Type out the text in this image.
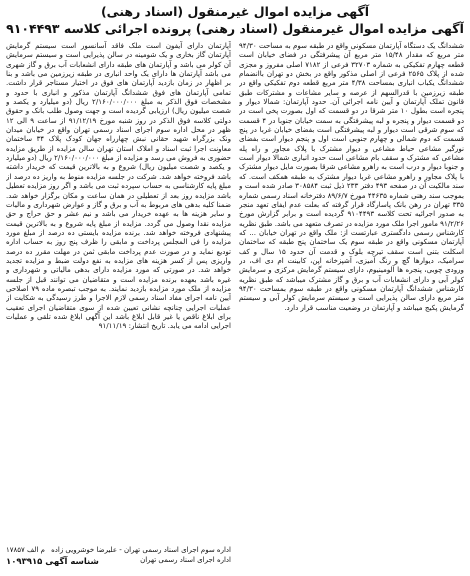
آگهی مزایده اموال غیرمنقول (اسناد رهنی)
آگهی مزایده اموال غیرمنقول (اسناد رهنی) پرونده اجرائی کلاسه ۹۱۰۴۴۹۳
ششدانگ یک دستگاه آپارتمان مسکونی واقع در طبقه سوم به مساحت ۹۴/۳۰ متر مربع که مقدار ۱۵/۴۸ متر مربع آن پیشرفتگی در فضای خیابان است قطعه چهارم تفکیکی به شماره ۳۲۷۰۳ فرعی از ۷۱۸۲ اصلی مفروز و مجزی شده از پلاک ۲۵۶۵ فرعی از اصلی مذکور واقع در بخش دو تهران باانضمام ششدانگ یکباب انباری بمساحت ۴/۳۸ متر مربع قطعه دوم تفکیکی واقع در طبقه زیرزمین با قدرالسهم از عرصه و سایر مشاعات و مشترکات طبق قانون تملک آپارتمان و آیین نامه اجرائی آن. حدود آپارتمان: شمالا دیوار و پنجره است بطول ۱۰ متر شرقا در دو قسمت که اول بصورت پخی است در دو قسمت دیوار و پنجره و لبه پیشرفتگی به سمت خیابان جنوبا در ۴ قسمت که سوم شرقی است دیوار و لبه پیشرفتگی است بفضای خیابان غربا در پنج قسمت که دوم شمالی و چهارم جنوبی است اول و پنجم دیوار است بفضای نورگیر مشاعی حیاط مشاعی و دیوار مشترک با پلاک مجاور و راه پله مشاعی که مشترک و سقف بام مشاعی است حدود انباری شمالا دیوار است و جنوبا دیوار و درب است به راهرو مشاعی شرقا بصورت مایل دیوار مشترک با پلاک مجاور و راهرو مشاعی غربا دیوار مشترک به طبقه همکف است. که سند مالکیت آن در صفحه ۴۹۳ دفتر ۲۳۳ ذیل ثبت ۳۰۸۵۸۴ صادر شده است و بموجب سند رهنی شماره ۴۴۶۳۵ مورخ ۸۹/۶/۷ دفترخانه اسناد رسمی شماره ۳۳۵ تهران در رهن بانک پاسارگاد قرار گرفته که بعلت عدم ایفای تعهد منجر به صدور اجرائیه تحت کلاسه ۹۱۰۴۴۹۳ گردیده است و برابر گزارش مورخ ۹۱/۲/۲۶ مامور اجرا ملک مورد مزایده در تصرف متعهد می باشد. طبق نظریه کارشناس رسمی دادگستری عبارتست از: ملک واقع در تهران خیابان ... که آپارتمان مسکونی واقع در طبقه سوم یک ساختمان پنج طبقه که ساختمان اسکلت بتنی است سقف تیرچه بلوک و قدمت آن حدود ۱۵ سال و کف سرامیک، دیوارها گچ و رنگ آمیزی، آشپزخانه اپن، کابینت ام دی اف، در ورودی چوبی، پنجره ها آلومینیوم، دارای سیستم گرمایش مرکزی و سرمایش کولر آبی و دارای انشعابات آب و برق و گاز مشترک میباشد که طبق نظریه کارشناس ششدانگ آپارتمان مسکونی واقع در طبقه سوم بمساحت ۹۴/۳۰ متر مربع دارای سالن پذیرایی است و سیستم سرمایش کولر آبی و سیستم گرمایش پکیج میباشد و آپارتمان در وضعیت مناسب قرار دارد.
آپارتمان دارای آیفون است ملک فاقد آسانسور است سیستم گرمایش آپارتمان گاز بخاری و یک شومینه در سالن پذیرایی است و سیستم سرمایش آن کولر می باشد و آپارتمان های طبقه دارای انشعابات آب برق و گاز شهری می باشد آپارتمان ها دارای یک واحد انباری در طبقه زیرزمین می باشد و بنا بر اظهار در زمان بازدید آپارتمان های فوق در اختیار مستاجر قرار داشت. تمامی آپارتمان های فوق ششدانگ آپارتمان مذکور و انباری با حدود و مشخصات فوق الذکر به مبلغ ۲/۱۶۰/۰۰۰/۰۰۰ ریال (دو میلیارد و یکصد و شصت میلیون ریال) ارزیابی گردیده است و جهت وصول طلب بانک و حقوق دولتی کلاسه فوق الذکر در روز شنبه مورخ ۹۱/۱۲/۱۹ از ساعت ۹ الی ۱۲ ظهر در محل اداره سوم اجرای اسناد رسمی تهران واقع در خیابان میدان ونک بزرگراه شهید حقانی نبش چهارراه جهان کودک پلاک ۳۴ ساختمان معاونت اجرا ثبت اسناد و املاک استان تهران سالن مزایده از طریق مزایده حضوری به فروش می رسد و مزایده از مبلغ ۲/۱۶۰/۰۰۰/۰۰۰ ریال (دو میلیارد و یکصد و شصت میلیون ریال) شروع و به بالاترین قیمت که خریدار داشته باشد فروخته خواهد شد. شرکت در جلسه مزایده منوط به واریز ده درصد از مبلغ پایه کارشناسی به حساب سپرده ثبت می باشد و اگر روز مزایده تعطیل باشد مزایده روز بعد از تعطیلی در همان ساعت و مکان برگزار خواهد شد. ضمنا کلیه بدهی های مربوط به آب و برق و گاز و عوارض شهرداری و مالیات و سایر هزینه ها به عهده خریدار می باشد و نیم عشر و حق حراج و حق مزایده نقدا وصول می گردد. مزایده از مبلغ پایه شروع و به بالاترین قیمت پیشنهادی فروخته خواهد شد. برنده مزایده بایستی ده درصد از مبلغ مورد مزایده را فی المجلس پرداخت و مابقی را ظرف پنج روز به حساب اداره تودیع نماید و در صورت عدم پرداخت مابقی ثمن در مهلت مقرر ده درصد واریزی پس از کسر هزینه های مزایده به نفع دولت ضبط و مزایده تجدید خواهد شد. در صورتی که مورد مزایده دارای بدهی مالیاتی و شهرداری و غیره باشد بعهده برنده مزایده است و متقاضیان می توانند قبل از جلسه مزایده از ملک مورد مزایده بازدید نمایند. به موجب تبصره ماده ۷۹ اصلاحی آیین نامه اجرای مفاد اسناد رسمی لازم الاجرا و طرز رسیدگی به شکایت از عملیات اجرایی چنانچه نشانی تعیین شده از سوی متقاضیان اجرای تعقیب برای ابلاغ ناقص یا غیر قابل ابلاغ باشد این آگهی ابلاغ شده تلقی و عملیات اجرایی ادامه می یابد. تاریخ انتشار: ۹۱/۱۱/۱۹
اداره سوم اجرای اسناد رسمی تهران - علیرضا خوشرویی زاده
م الف ۱۷۸۵۷
اداره اجرای اسناد رسمی تهران
شناسه آگهی ۱۰۹۳۹۱۵
